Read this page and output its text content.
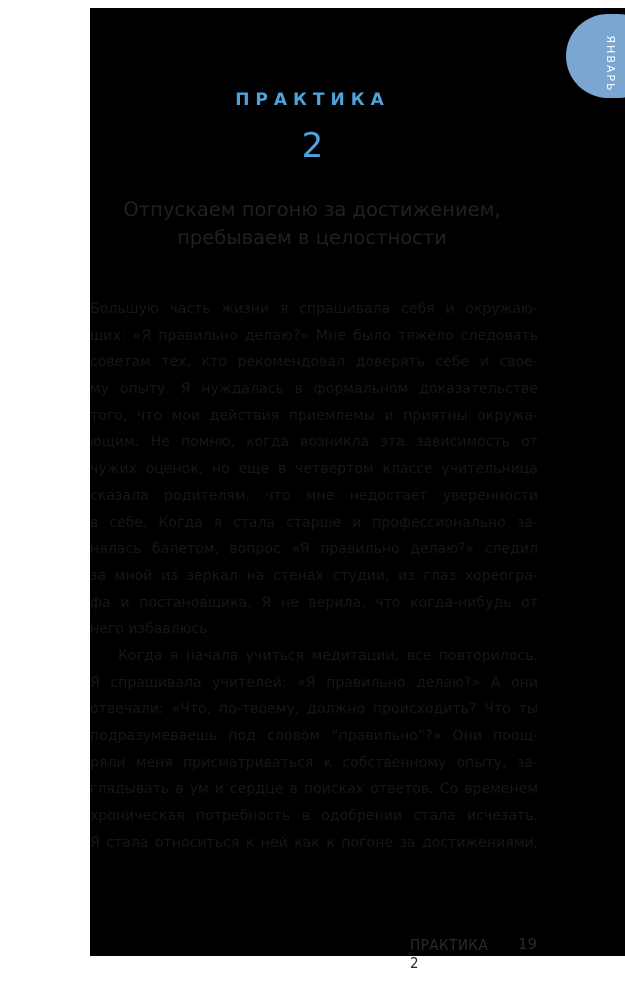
ЯНВАРЬ
ПРАКТИКА
2
Отпускаем погоню за достижением,
пребываем в целостности
Большую часть жизни я спрашивала себя и окружаю-
щих: «Я правильно делаю?» Мне было тяжело следовать
советам тех, кто рекомендовал доверять себе и свое-
му опыту. Я нуждалась в формальном доказательстве
того, что мои действия приемлемы и приятны окружа-
ющим. Не помню, когда возникла эта зависимость от
чужих оценок, но еще в четвертом классе учительница
сказала родителям, что мне недостает уверенности
в себе. Когда я стала старше и профессионально за-
нялась балетом, вопрос «Я правильно делаю?» следил
за мной из зеркал на стенах студии, из глаз хореогра-
фа и постановщика. Я не верила, что когда-нибудь от
него избавлюсь.
Когда я начала учиться медитации, все повторилось.
Я спрашивала учителей: «Я правильно делаю?» А они
отвечали: «Что, по-твоему, должно происходить? Что ты
подразумеваешь под словом “правильно”?» Они поощ-
ряли меня присматриваться к собственному опыту, за-
глядывать в ум и сердце в поисках ответов. Со временем
хроническая потребность в одобрении стала исчезать.
Я стала относиться к ней как к погоне за достижениями,
ПРАКТИКА 2
19
